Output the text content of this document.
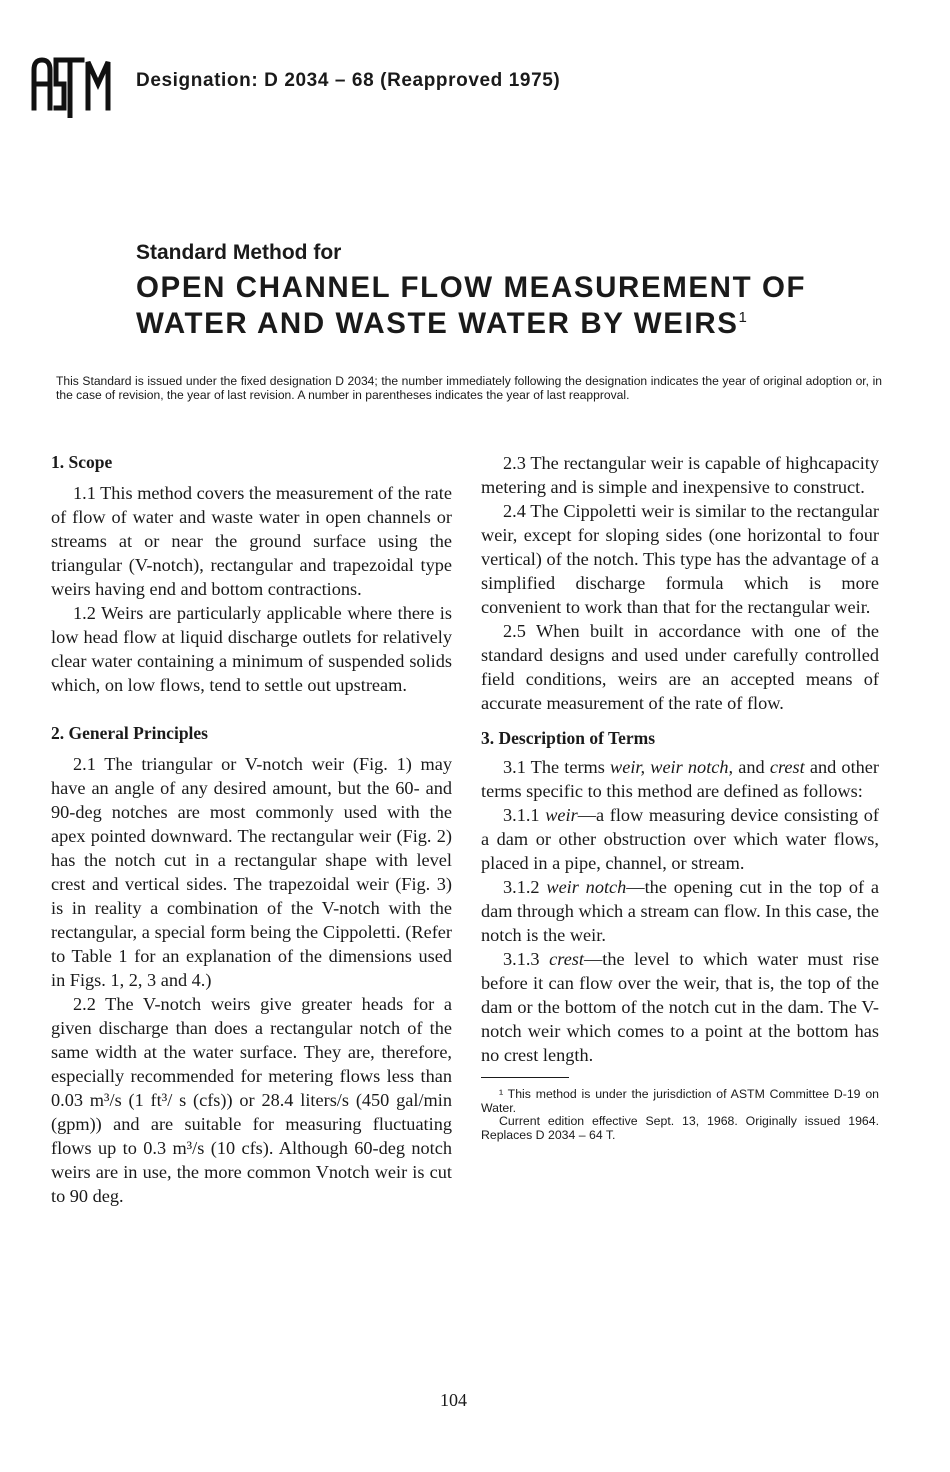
Designation: D 2034 – 68 (Reapproved 1975)
Standard Method for
OPEN CHANNEL FLOW MEASUREMENT OF
WATER AND WASTE WATER BY WEIRS$^1$
This Standard is issued under the fixed designation D 2034; the number immediately following the designation indicates the year of original adoption or, in the case of revision, the year of last revision. A number in parentheses indicates the year of last reapproval.
1. Scope

1.1 This method covers the measurement of the rate of flow of water and waste water in open channels or streams at or near the ground surface using the triangular (V-notch), rectangular and trapezoidal type weirs having end and bottom contractions.

1.2 Weirs are particularly applicable where there is low head flow at liquid discharge outlets for relatively clear water containing a minimum of suspended solids which, on low flows, tend to settle out upstream.

2. General Principles

2.1 The triangular or V-notch weir (Fig. 1) may have an angle of any desired amount, but the 60- and 90-deg notches are most commonly used with the apex pointed downward. The rectangular weir (Fig. 2) has the notch cut in a rectangular shape with level crest and vertical sides. The trapezoidal weir (Fig. 3) is in reality a combination of the V-notch with the rectangular, a special form being the Cippoletti. (Refer to Table 1 for an explanation of the dimensions used in Figs. 1, 2, 3 and 4.)

2.2 The V-notch weirs give greater heads for a given discharge than does a rectangular notch of the same width at the water surface. They are, therefore, especially recommended for metering flows less than 0.03 m³/s (1 ft³/ s (cfs)) or 28.4 liters/s (450 gal/min (gpm)) and are suitable for measuring fluctuating flows up to 0.3 m³/s (10 cfs). Although 60-deg notch weirs are in use, the more common Vnotch weir is cut to 90 deg.

2.3 The rectangular weir is capable of highcapacity metering and is simple and inexpensive to construct.

2.4 The Cippoletti weir is similar to the rectangular weir, except for sloping sides (one horizontal to four vertical) of the notch. This type has the advantage of a simplified discharge formula which is more convenient to work than that for the rectangular weir.

2.5 When built in accordance with one of the standard designs and used under carefully controlled field conditions, weirs are an accepted means of accurate measurement of the rate of flow.

3. Description of Terms

3.1 The terms weir, weir notch, and crest and other terms specific to this method are defined as follows:

3.1.1 weir—a flow measuring device consisting of a dam or other obstruction over which water flows, placed in a pipe, channel, or stream.

3.1.2 weir notch—the opening cut in the top of a dam through which a stream can flow. In this case, the notch is the weir.

3.1.3 crest—the level to which water must rise before it can flow over the weir, that is, the top of the dam or the bottom of the notch cut in the dam. The V-notch weir which comes to a point at the bottom has no crest length.

¹ This method is under the jurisdiction of ASTM Committee D-19 on Water.

Current edition effective Sept. 13, 1968. Originally issued 1964. Replaces D 2034 – 64 T.

104
